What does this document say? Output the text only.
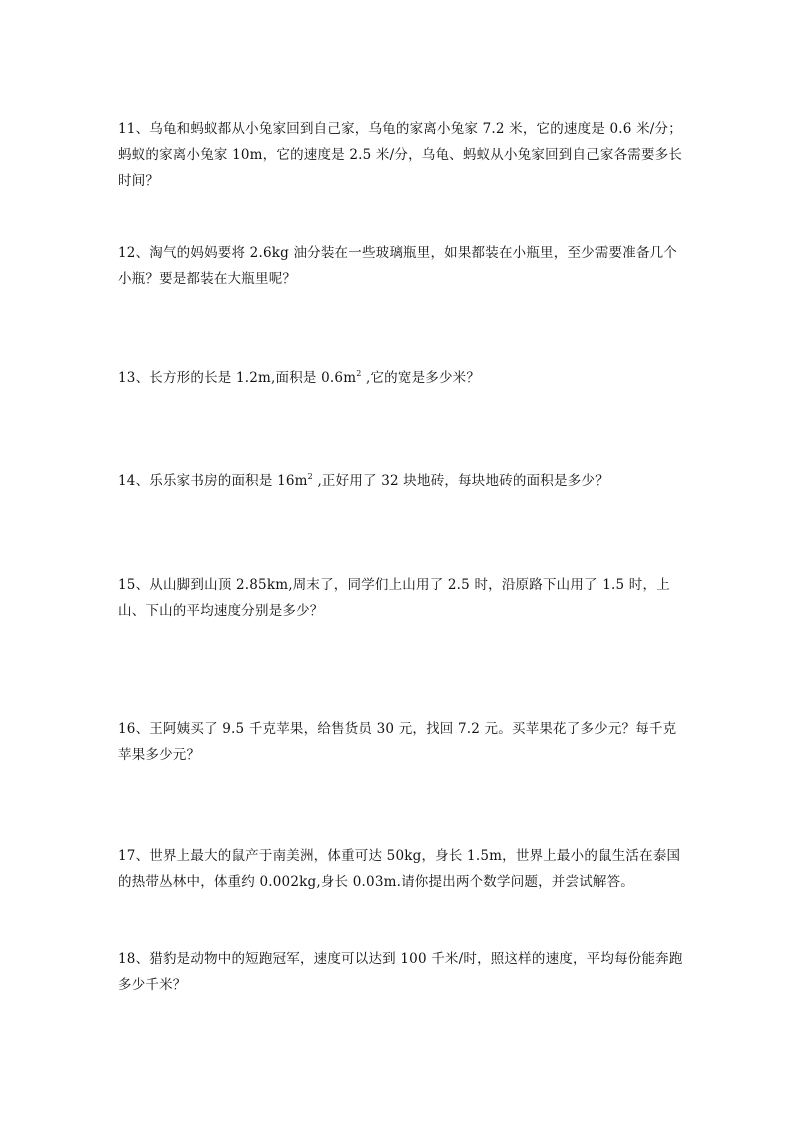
11、乌龟和蚂蚁都从小兔家回到自己家，乌龟的家离小兔家 7.2 米，它的速度是 0.6 米/分；蚂蚁的家离小兔家 10m，它的速度是 2.5 米/分，乌龟、蚂蚁从小兔家回到自己家各需要多长时间？
12、淘气的妈妈要将 2.6kg 油分装在一些玻璃瓶里，如果都装在小瓶里，至少需要准备几个小瓶？要是都装在大瓶里呢？
13、长方形的长是 1.2m,面积是 $0.6m^2$ ,它的宽是多少米？
14、乐乐家书房的面积是 $16m^2$ ,正好用了 32 块地砖，每块地砖的面积是多少？
15、从山脚到山顶 2.85km,周末了，同学们上山用了 2.5 时，沿原路下山用了 1.5 时，上山、下山的平均速度分别是多少？
16、王阿姨买了 9.5 千克苹果，给售货员 30 元，找回 7.2 元。买苹果花了多少元？每千克苹果多少元？
17、世界上最大的鼠产于南美洲，体重可达 50kg，身长 1.5m，世界上最小的鼠生活在泰国的热带丛林中，体重约 0.002kg,身长 0.03m.请你提出两个数学问题，并尝试解答。
18、猎豹是动物中的短跑冠军，速度可以达到 100 千米/时，照这样的速度，平均每份能奔跑多少千米？
